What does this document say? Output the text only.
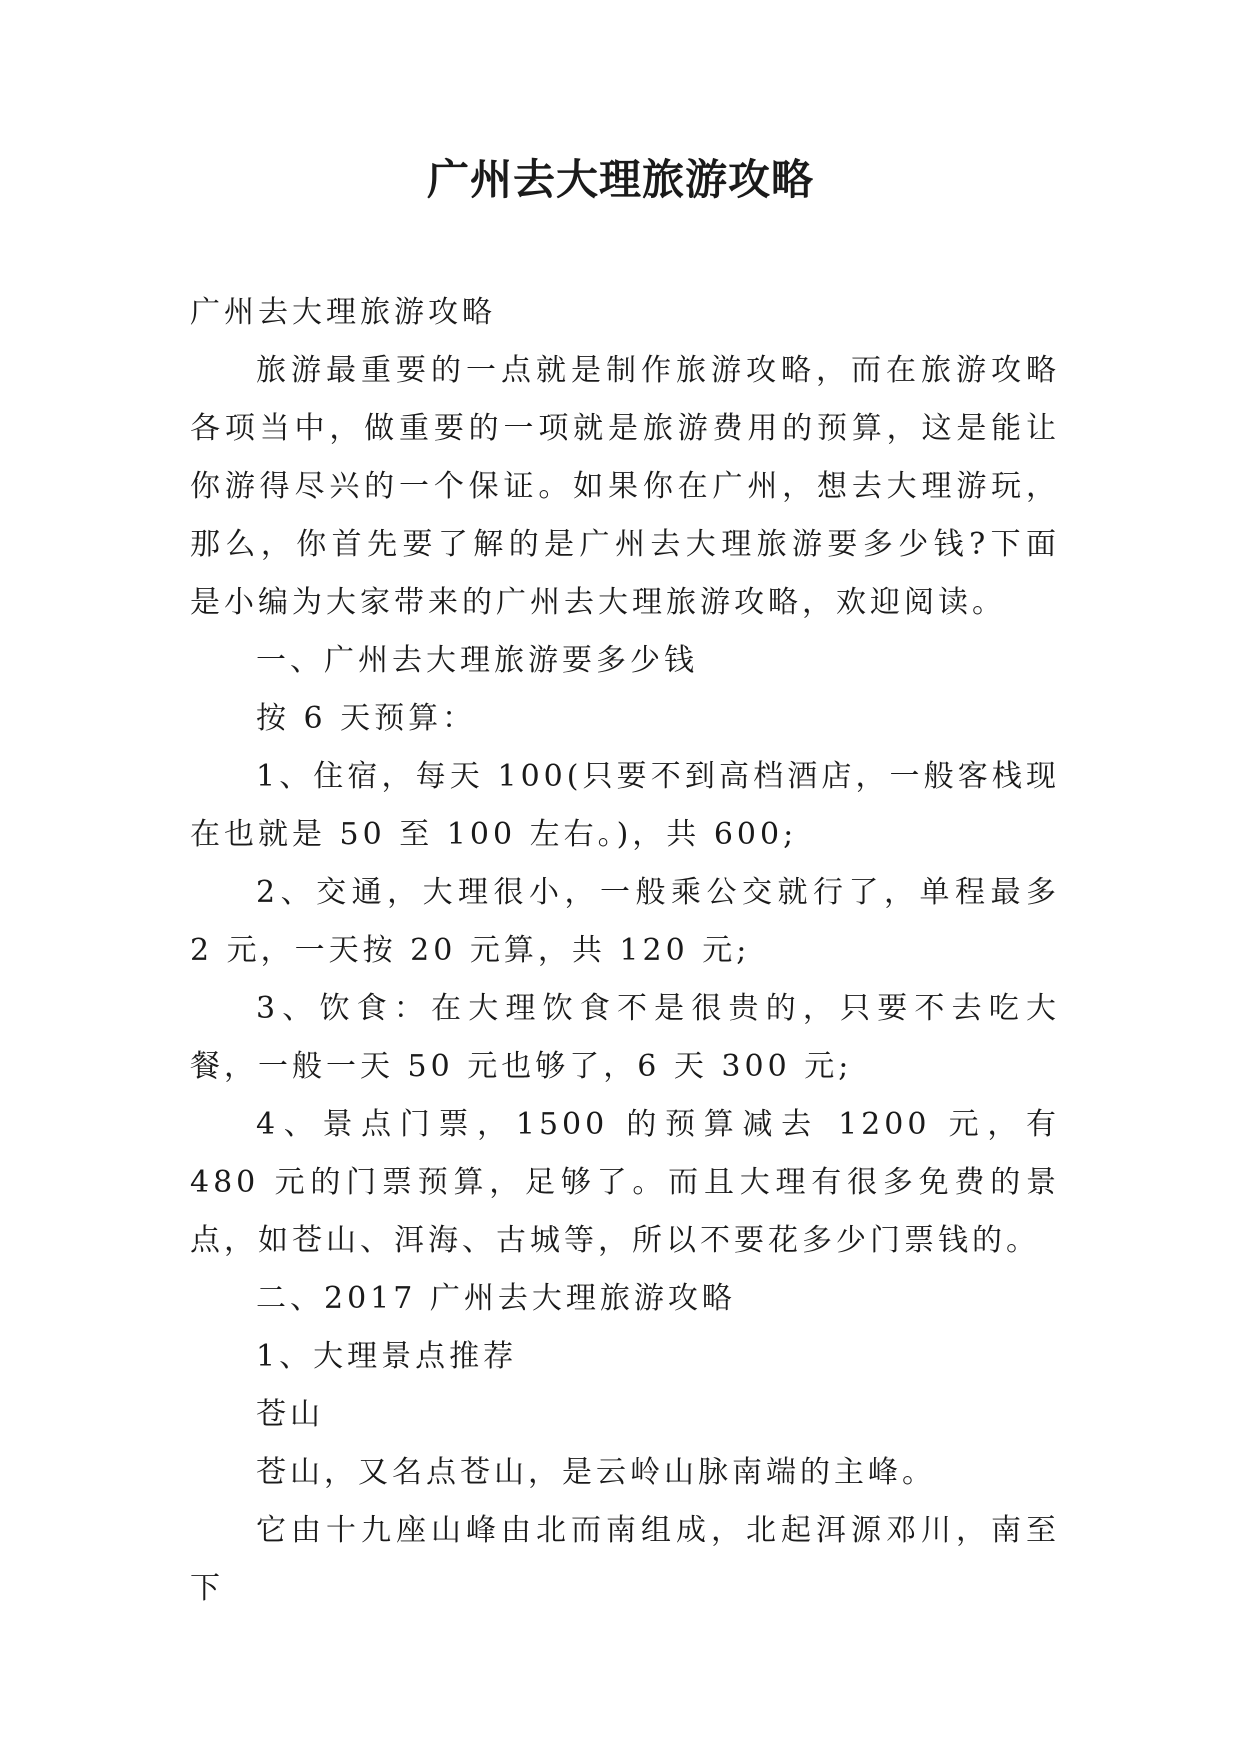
广州去大理旅游攻略

广州去大理旅游攻略

旅游最重要的一点就是制作旅游攻略，而在旅游攻略各项当中，做重要的一项就是旅游费用的预算，这是能让你游得尽兴的一个保证。如果你在广州，想去大理游玩，那么，你首先要了解的是广州去大理旅游要多少钱?下面是小编为大家带来的广州去大理旅游攻略，欢迎阅读。

一、广州去大理旅游要多少钱

按 6 天预算：

1、住宿，每天 100(只要不到高档酒店，一般客栈现在也就是 50 至 100 左右。)，共 600;

2、交通，大理很小，一般乘公交就行了，单程最多 2 元，一天按 20 元算，共 120 元;

3、饮食：在大理饮食不是很贵的，只要不去吃大餐，一般一天 50 元也够了，6 天 300 元;

4、景点门票，1500 的预算减去 1200 元，有 480 元的门票预算，足够了。而且大理有很多免费的景点，如苍山、洱海、古城等，所以不要花多少门票钱的。

二、2017 广州去大理旅游攻略

1、大理景点推荐

苍山

苍山，又名点苍山，是云岭山脉南端的主峰。

它由十九座山峰由北而南组成，北起洱源邓川，南至下
